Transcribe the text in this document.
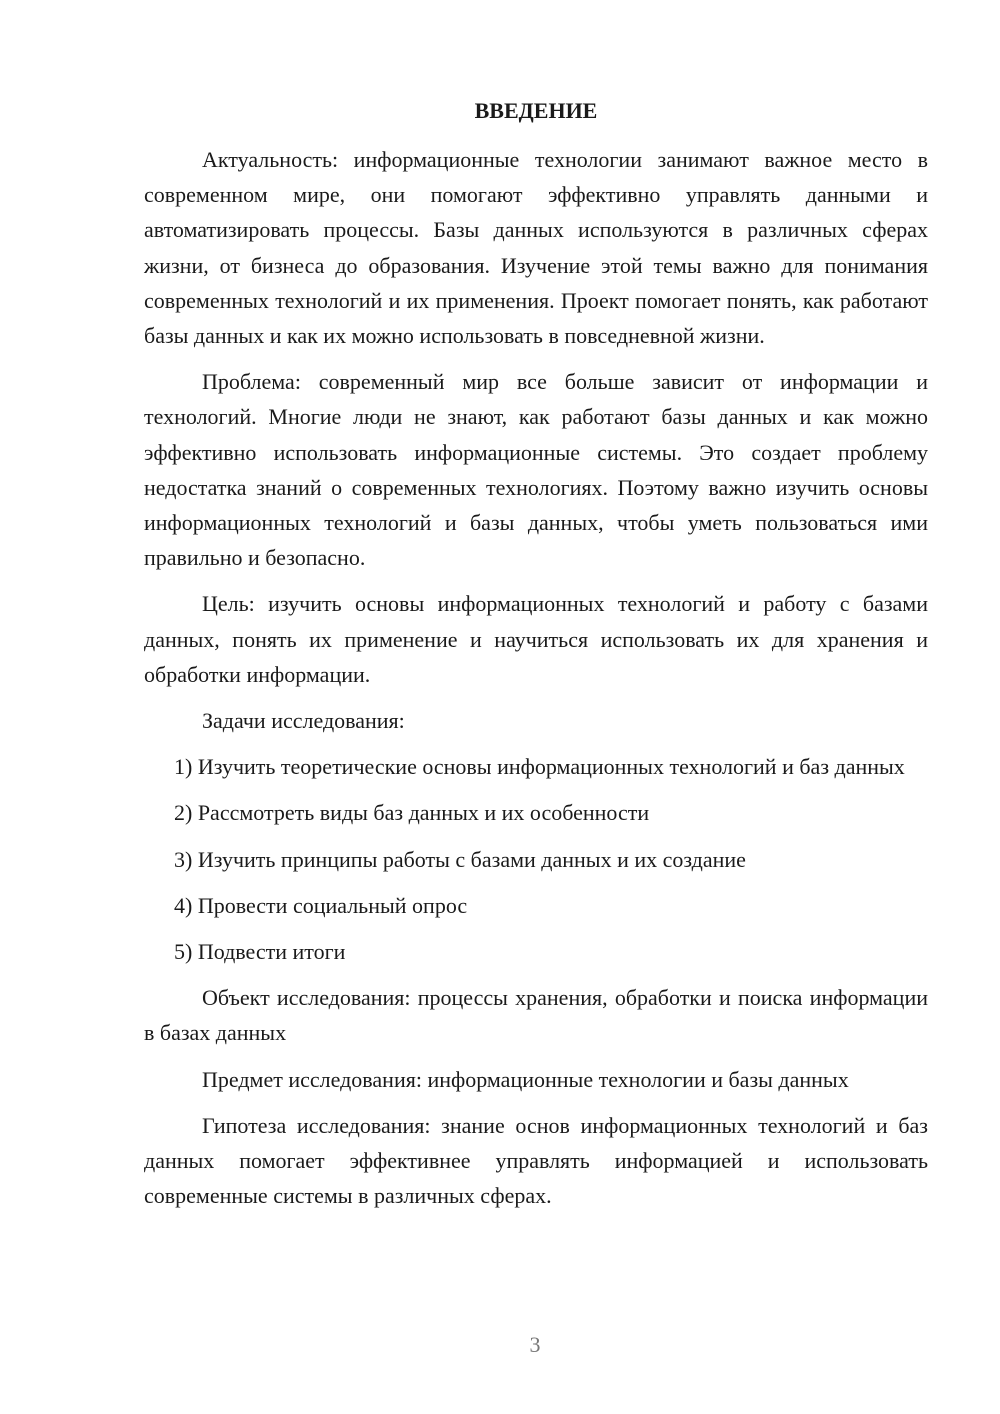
ВВЕДЕНИЕ

Актуальность: информационные технологии занимают важное место в современном мире, они помогают эффективно управлять данными и автоматизировать процессы. Базы данных используются в различных сферах жизни, от бизнеса до образования. Изучение этой темы важно для понимания современных технологий и их применения. Проект помогает понять, как работают базы данных и как их можно использовать в повседневной жизни.

Проблема: современный мир все больше зависит от информации и технологий. Многие люди не знают, как работают базы данных и как можно эффективно использовать информационные системы. Это создает проблему недостатка знаний о современных технологиях. Поэтому важно изучить основы информационных технологий и базы данных, чтобы уметь пользоваться ими правильно и безопасно.

Цель: изучить основы информационных технологий и работу с базами данных, понять их применение и научиться использовать их для хранения и обработки информации.

Задачи исследования:

1) Изучить теоретические основы информационных технологий и баз данных

2) Рассмотреть виды баз данных и их особенности

3) Изучить принципы работы с базами данных и их создание

4) Провести социальный опрос

5) Подвести итоги

Объект исследования: процессы хранения, обработки и поиска информации в базах данных

Предмет исследования: информационные технологии и базы данных

Гипотеза исследования: знание основ информационных технологий и баз данных помогает эффективнее управлять информацией и использовать современные системы в различных сферах.

3
